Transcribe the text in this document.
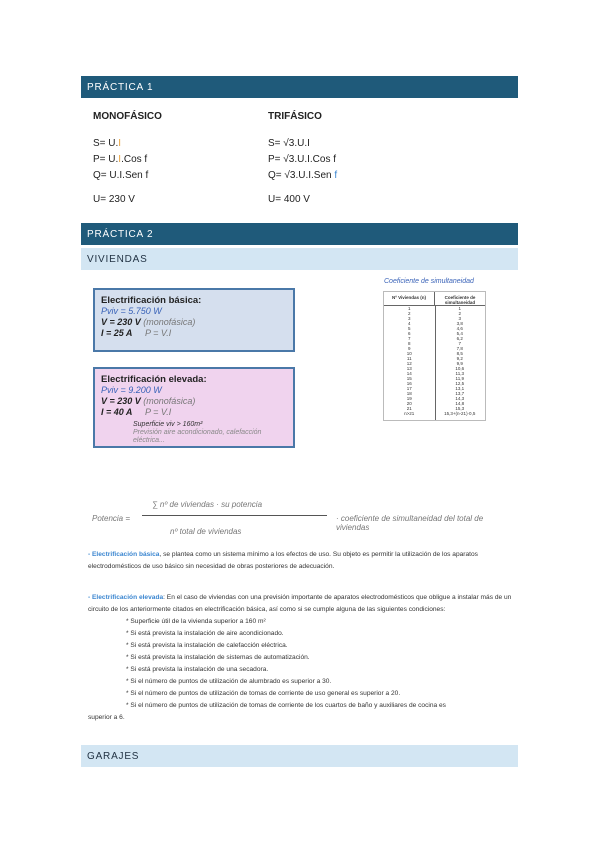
PRÁCTICA 1
MONOFÁSICO
S= U.I
P= U.I.Cos f
Q= U.I.Sen f
U= 230 V
TRIFÁSICO
S= √3.U.I
P= √3.U.I.Cos f
Q= √3.U.I.Sen f
U= 400 V
PRÁCTICA 2
VIVIENDAS
Electrificación básica:
Pviv = 5.750 W
V = 230 V (monofásica)
I = 25 A P = V.I
Electrificación elevada:
Pviv = 9.200 W
V = 230 V (monofásica)
I = 40 A P = V.I
Superficie viv > 160m²
Previsión aire acondicionado, calefacción
eléctrica...
Coeficiente de simultaneidad
Nº Viviendas (n)	Coeficiente de simultaneidad
1	1
2	2
3	3
4	3,8
5	4,6
6	5,4
7	6,2
8	7
9	7,8
10	8,5
11	9,2
12	9,9
13	10,6
14	11,3
15	11,9
16	12,5
17	13,1
18	13,7
19	14,3
20	14,8
21	15,3
n>21	15,3+(n-21)·0,5
Potencia =
∑ nº de viviendas · su potencia
nº total de viviendas
· coeficiente de simultaneidad del total de viviendas
- Electrificación básica, se plantea como un sistema mínimo a los efectos de uso. Su objeto es permitir la utilización de los aparatos electrodomésticos de uso básico sin necesidad de obras posteriores de adecuación.
- Electrificación elevada: En el caso de viviendas con una previsión importante de aparatos electrodomésticos que obligue a instalar más de un circuito de los anteriormente citados en electrificación básica, así como si se cumple alguna de las siguientes condiciones:
* Superficie útil de la vivienda superior a 160 m²
* Si está prevista la instalación de aire acondicionado.
* Si está prevista la instalación de calefacción eléctrica.
* Si está prevista la instalación de sistemas de automatización.
* Si está prevista la instalación de una secadora.
* Si el número de puntos de utilización de alumbrado es superior a 30.
* Si el número de puntos de utilización de tomas de corriente de uso general es superior a 20.
* Si el número de puntos de utilización de tomas de corriente de los cuartos de baño y auxiliares de cocina es
superior a 6.
GARAJES
